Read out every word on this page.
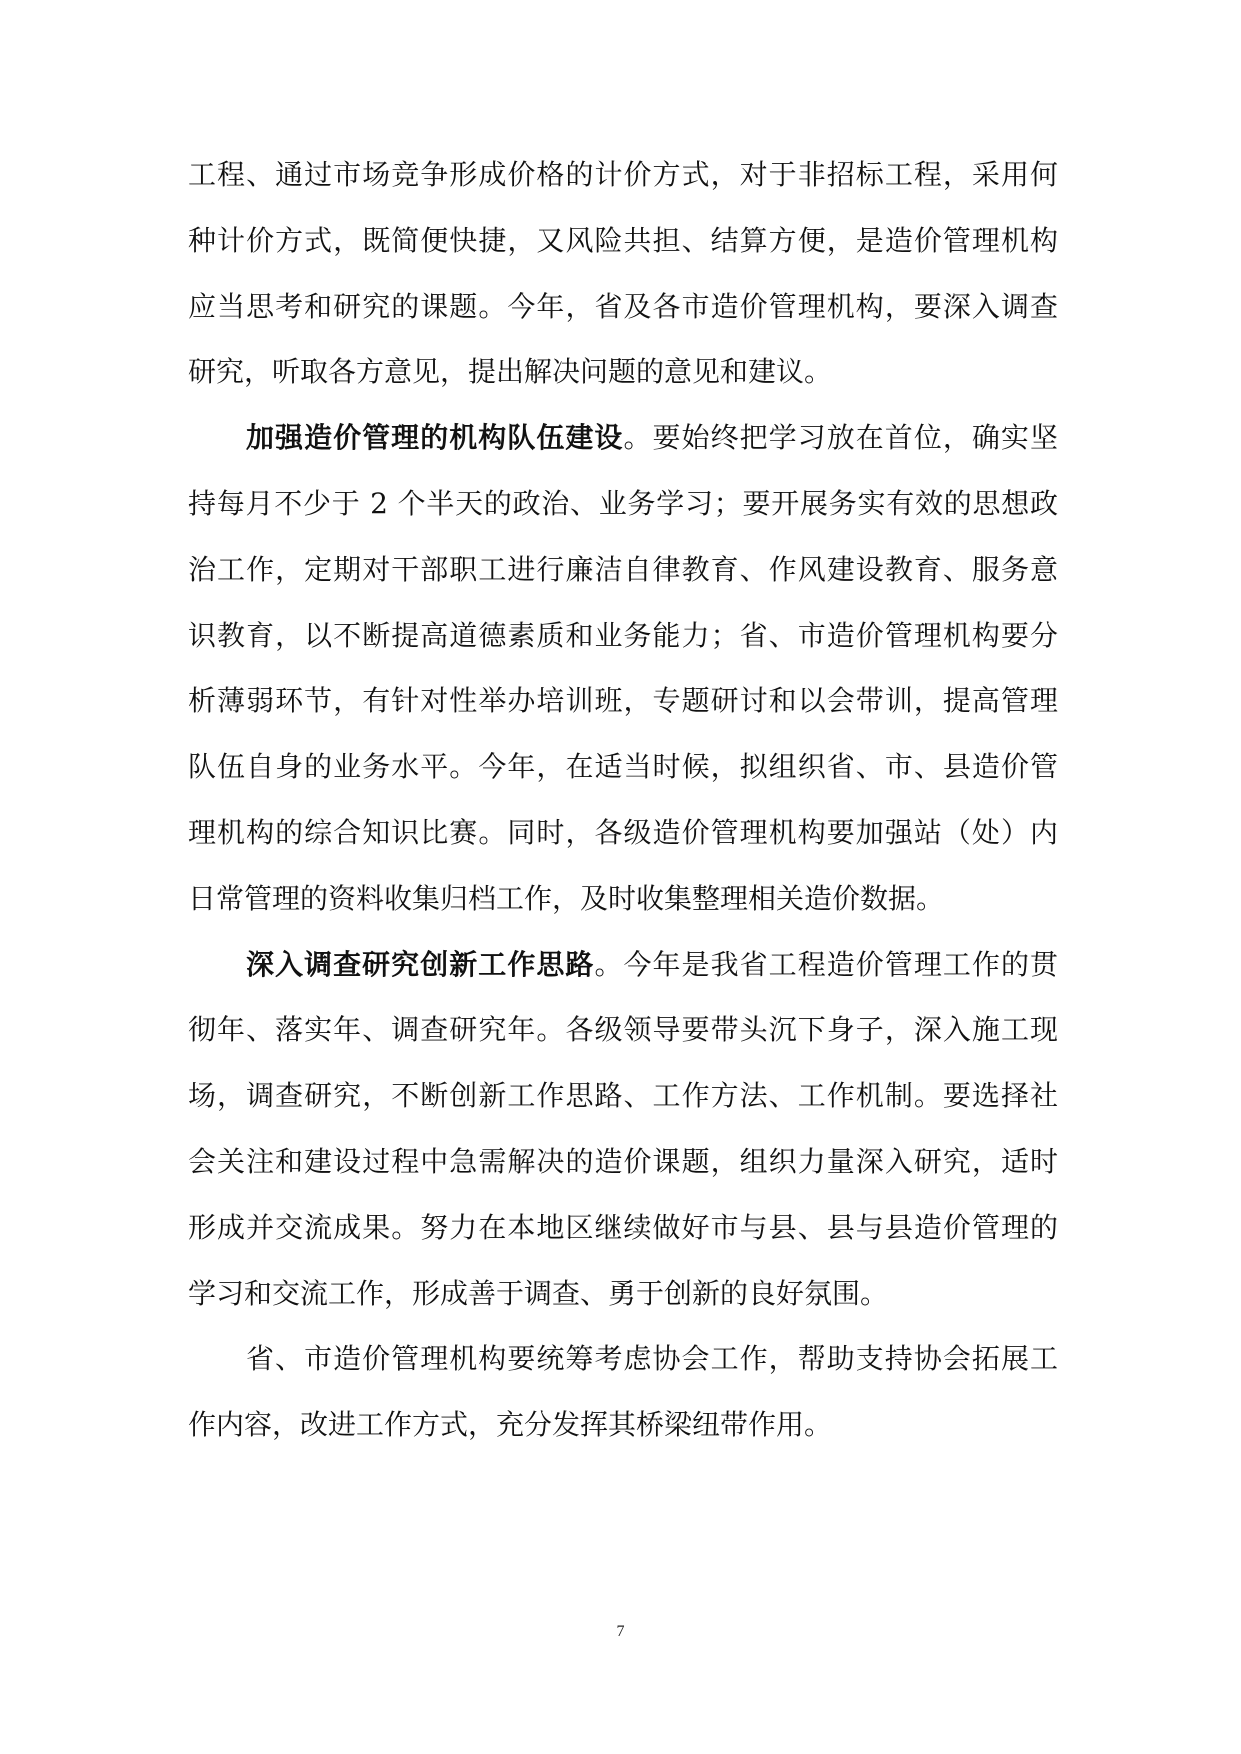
工程、通过市场竞争形成价格的计价方式，对于非招标工程，采用何
种计价方式，既简便快捷，又风险共担、结算方便，是造价管理机构
应当思考和研究的课题。今年，省及各市造价管理机构，要深入调查
研究，听取各方意见，提出解决问题的意见和建议。
加强造价管理的机构队伍建设。要始终把学习放在首位，确实坚
持每月不少于 2 个半天的政治、业务学习；要开展务实有效的思想政
治工作，定期对干部职工进行廉洁自律教育、作风建设教育、服务意
识教育，以不断提高道德素质和业务能力；省、市造价管理机构要分
析薄弱环节，有针对性举办培训班，专题研讨和以会带训，提高管理
队伍自身的业务水平。今年，在适当时候，拟组织省、市、县造价管
理机构的综合知识比赛。同时，各级造价管理机构要加强站（处）内
日常管理的资料收集归档工作，及时收集整理相关造价数据。
深入调查研究创新工作思路。今年是我省工程造价管理工作的贯
彻年、落实年、调查研究年。各级领导要带头沉下身子，深入施工现
场，调查研究，不断创新工作思路、工作方法、工作机制。要选择社
会关注和建设过程中急需解决的造价课题，组织力量深入研究，适时
形成并交流成果。努力在本地区继续做好市与县、县与县造价管理的
学习和交流工作，形成善于调查、勇于创新的良好氛围。
省、市造价管理机构要统筹考虑协会工作，帮助支持协会拓展工
作内容，改进工作方式，充分发挥其桥梁纽带作用。
7
